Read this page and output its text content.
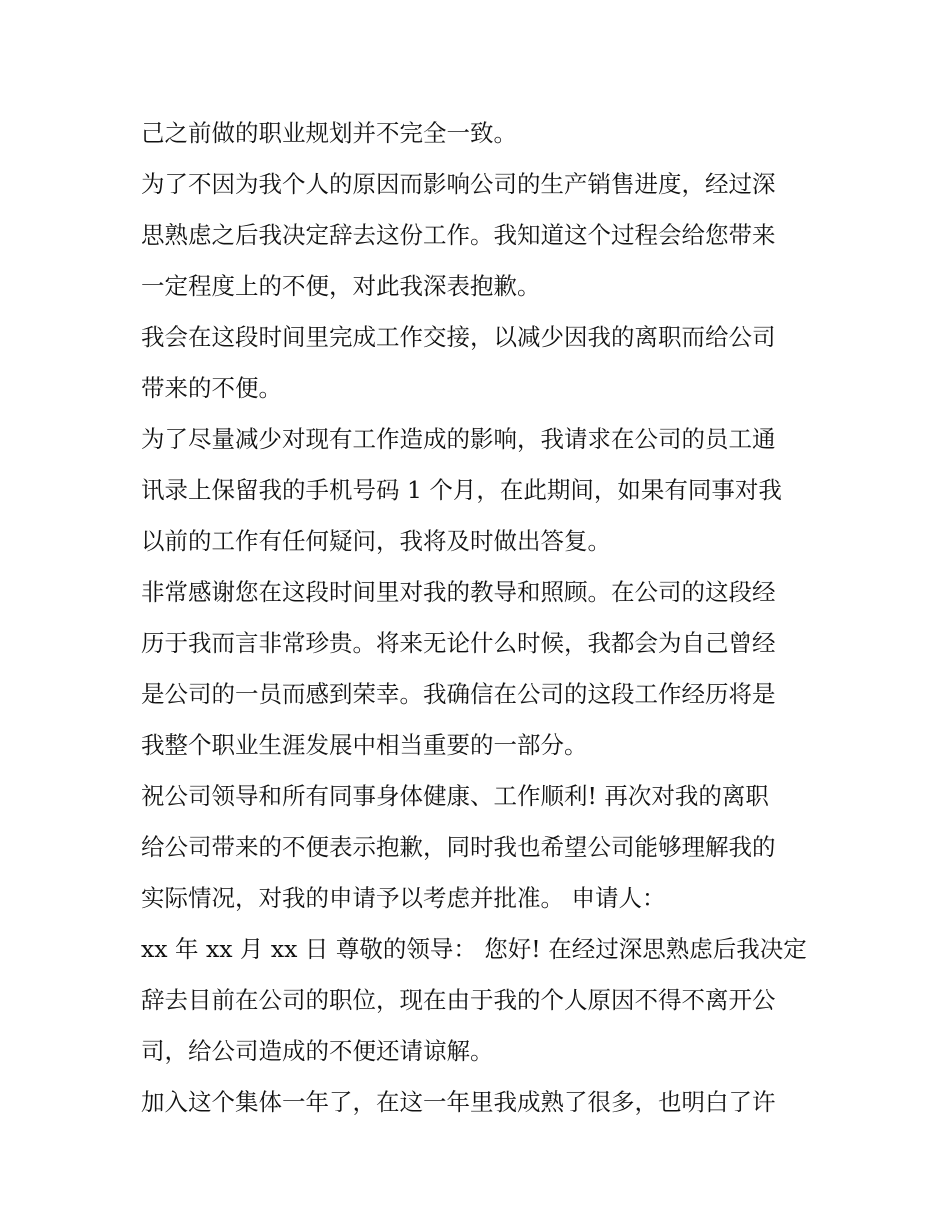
己之前做的职业规划并不完全一致。
为了不因为我个人的原因而影响公司的生产销售进度，经过深
思熟虑之后我决定辞去这份工作。我知道这个过程会给您带来
一定程度上的不便，对此我深表抱歉。
我会在这段时间里完成工作交接，以减少因我的离职而给公司
带来的不便。
为了尽量减少对现有工作造成的影响，我请求在公司的员工通
讯录上保留我的手机号码 1 个月，在此期间，如果有同事对我
以前的工作有任何疑问，我将及时做出答复。
非常感谢您在这段时间里对我的教导和照顾。在公司的这段经
历于我而言非常珍贵。将来无论什么时候，我都会为自己曾经
是公司的一员而感到荣幸。我确信在公司的这段工作经历将是
我整个职业生涯发展中相当重要的一部分。
祝公司领导和所有同事身体健康、工作顺利! 再次对我的离职
给公司带来的不便表示抱歉，同时我也希望公司能够理解我的
实际情况，对我的申请予以考虑并批准。 申请人：
xx 年 xx 月 xx 日 尊敬的领导： 您好! 在经过深思熟虑后我决定
辞去目前在公司的职位，现在由于我的个人原因不得不离开公
司，给公司造成的不便还请谅解。
加入这个集体一年了，在这一年里我成熟了很多，也明白了许
